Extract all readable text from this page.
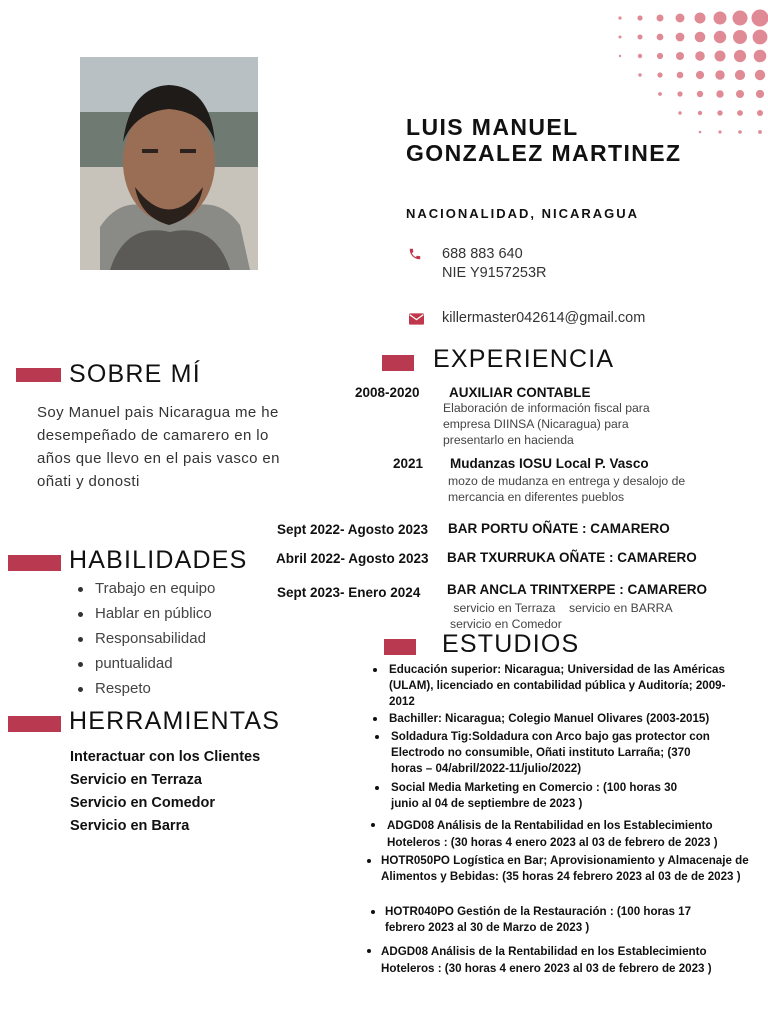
LUIS MANUEL
GONZALEZ MARTINEZ
NACIONALIDAD, NICARAGUA
688 883 640
NIE Y9157253R
killermaster042614@gmail.com
SOBRE MÍ
Soy Manuel pais Nicaragua me he desempeñado de camarero en lo años que llevo en el pais vasco en oñati y donosti
HABILIDADES
Trabajo en equipo
Hablar en público
Responsabilidad
puntualidad
Respeto
HERRAMIENTAS
Interactuar con los Clientes
Servicio en Terraza
Servicio en Comedor
Servicio en Barra
EXPERIENCIA
2008-2020 AUXILIAR CONTABLE
Elaboración de información fiscal para empresa DIINSA (Nicaragua) para presentarlo en hacienda
2021 Mudanzas IOSU Local P. Vasco
mozo de mudanza en entrega y desalojo de mercancia en diferentes pueblos
Sept 2022- Agosto 2023 BAR PORTU OÑATE : CAMARERO
Abril 2022- Agosto 2023 BAR TXURRUKA OÑATE : CAMARERO
Sept 2023- Enero 2024 BAR ANCLA TRINTXERPE : CAMARERO
servicio en Terraza    servicio en BARRA
servicio en Comedor
ESTUDIOS
Educación superior: Nicaragua; Universidad de las Américas (ULAM), licenciado en contabilidad pública y Auditoría; 2009-2012
Bachiller: Nicaragua; Colegio Manuel Olivares (2003-2015)
Soldadura Tig:Soldadura con Arco bajo gas protector con Electrodo no consumible, Oñati instituto Larraña; (370 horas – 04/abril/2022-11/julio/2022)
Social Media Marketing en Comercio : (100 horas 30 junio al 04 de septiembre de 2023 )
ADGD08 Análisis de la Rentabilidad en los Establecimiento Hoteleros : (30 horas 4 enero 2023 al 03 de febrero de 2023 )
HOTR050PO Logística en Bar; Aprovisionamiento y Almacenaje de Alimentos y Bebidas: (35 horas 24 febrero 2023 al 03 de de 2023 )
HOTR040PO Gestión de la Restauración : (100 horas 17 febrero 2023 al 30 de Marzo de 2023 )
ADGD08 Análisis de la Rentabilidad en los Establecimiento Hoteleros : (30 horas 4 enero 2023 al 03 de febrero de 2023 )
